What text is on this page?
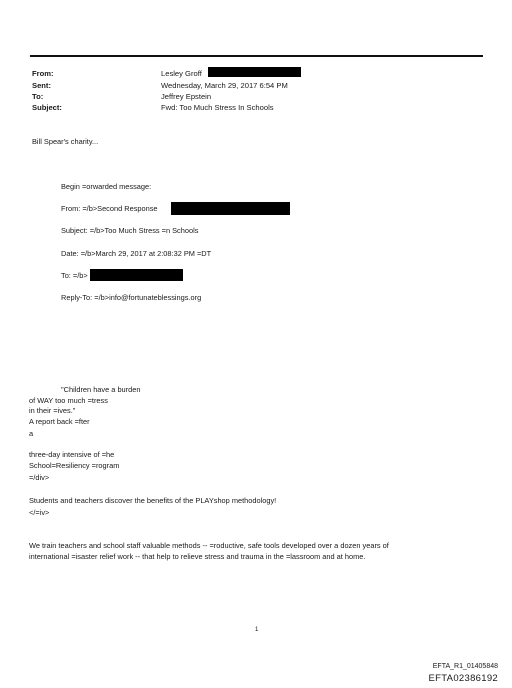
From:
Sent:
To:
Subject:
Lesley Groff
Wednesday, March 29, 2017 6:54 PM
Jeffrey Epstein
Fwd: Too Much Stress In Schools
Bill Spear's charity...
Begin =orwarded message:
From: =/b>Second Response
Subject: =/b>Too Much Stress =n Schools
Date: =/b>March 29, 2017 at 2:08:32 PM =DT
To: =/b>
Reply-To: =/b>info@fortunateblessings.org
"Children have a burden
of WAY too much =tress
in their =ives."
A report back =fter
a
three-day intensive of =he
School=Resiliency =rogram
=/div>
Students and teachers discover the benefits of the PLAYshop methodology!
</=iv>
We train teachers and school staff valuable methods -- =roductive, safe tools developed over a dozen years of
international =isaster relief work -- that help to relieve stress and trauma in the =lassroom and at home.
1
EFTA_R1_01405848
EFTA02386192
